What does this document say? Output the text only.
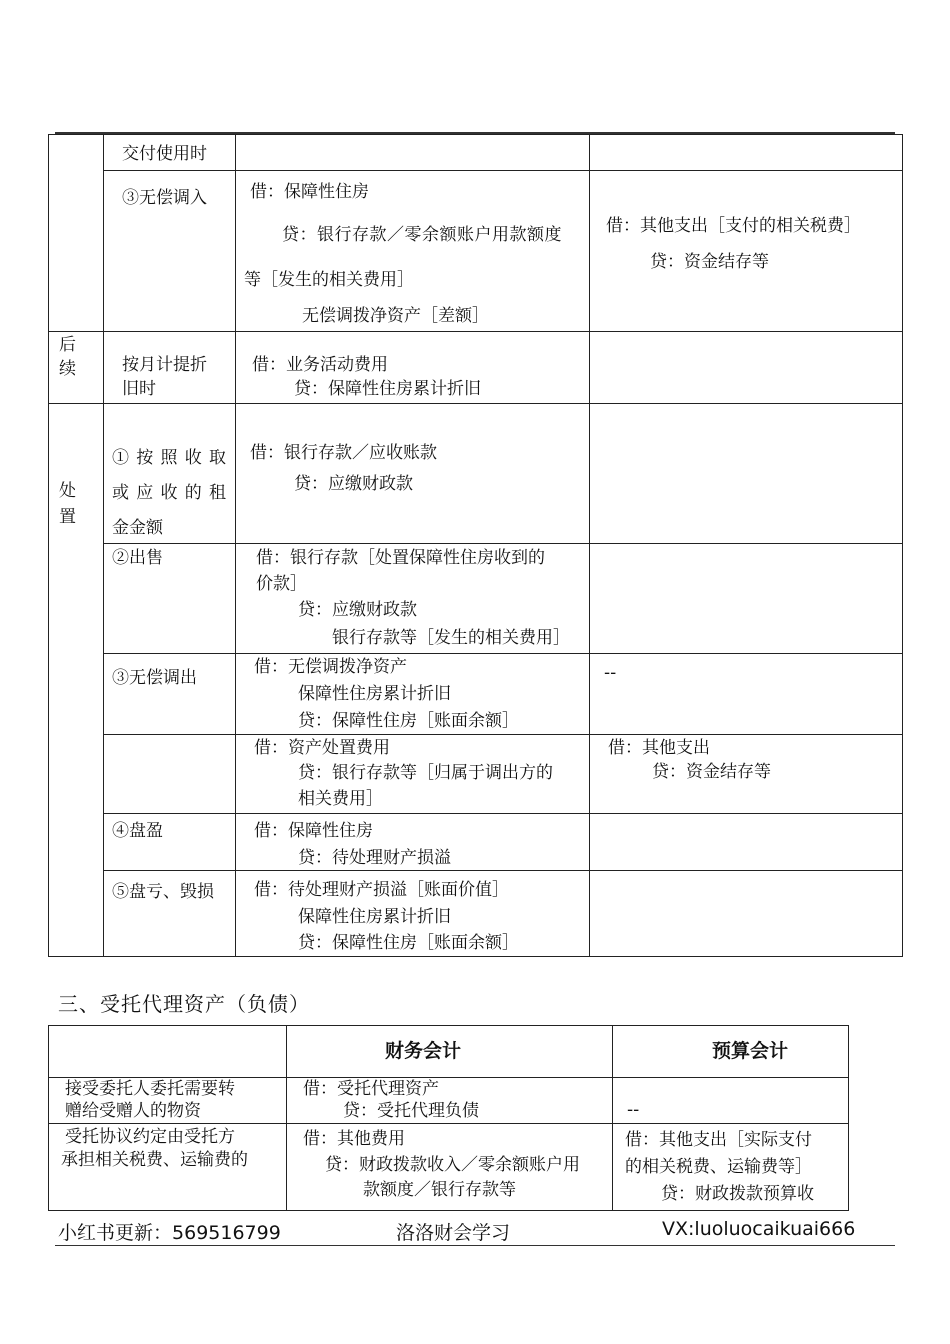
	交付使用时		

	③无偿调入	借：保障性住房
贷：银行存款／零余额账户用款额度
等［发生的相关费用］
无偿调拨净资产［差额］	借：其他支出［支付的相关税费］
贷：资金结存等

后
续	按月计提折
旧时	借：业务活动费用
贷：保障性住房累计折旧	

处
置	①按照收取
或应收的租
金金额	借：银行存款／应收账款
贷：应缴财政款	

	②出售	借：银行存款［处置保障性住房收到的
价款］
贷：应缴财政款
银行存款等［发生的相关费用］	

	③无偿调出	借：无偿调拨净资产
保障性住房累计折旧
贷：保障性住房［账面余额］	--

		借：资产处置费用
贷：银行存款等［归属于调出方的
相关费用］	借：其他支出
贷：资金结存等

	④盘盈	借：保障性住房
贷：待处理财产损溢	

	⑤盘亏、毁损	借：待处理财产损溢［账面价值］
保障性住房累计折旧
贷：保障性住房［账面余额］	

三、受托代理资产（负债）

	财务会计	预算会计

接受委托人委托需要转
赠给受赠人的物资	借：受托代理资产
贷：受托代理负债	--

受托协议约定由受托方
承担相关税费、运输费的	借：其他费用
贷：财政拨款收入／零余额账户用
款额度／银行存款等	借：其他支出［实际支付
的相关税费、运输费等］
贷：财政拨款预算收
小红书更新：569516799	洛洛财会学习	VX:luoluocaikuai666
